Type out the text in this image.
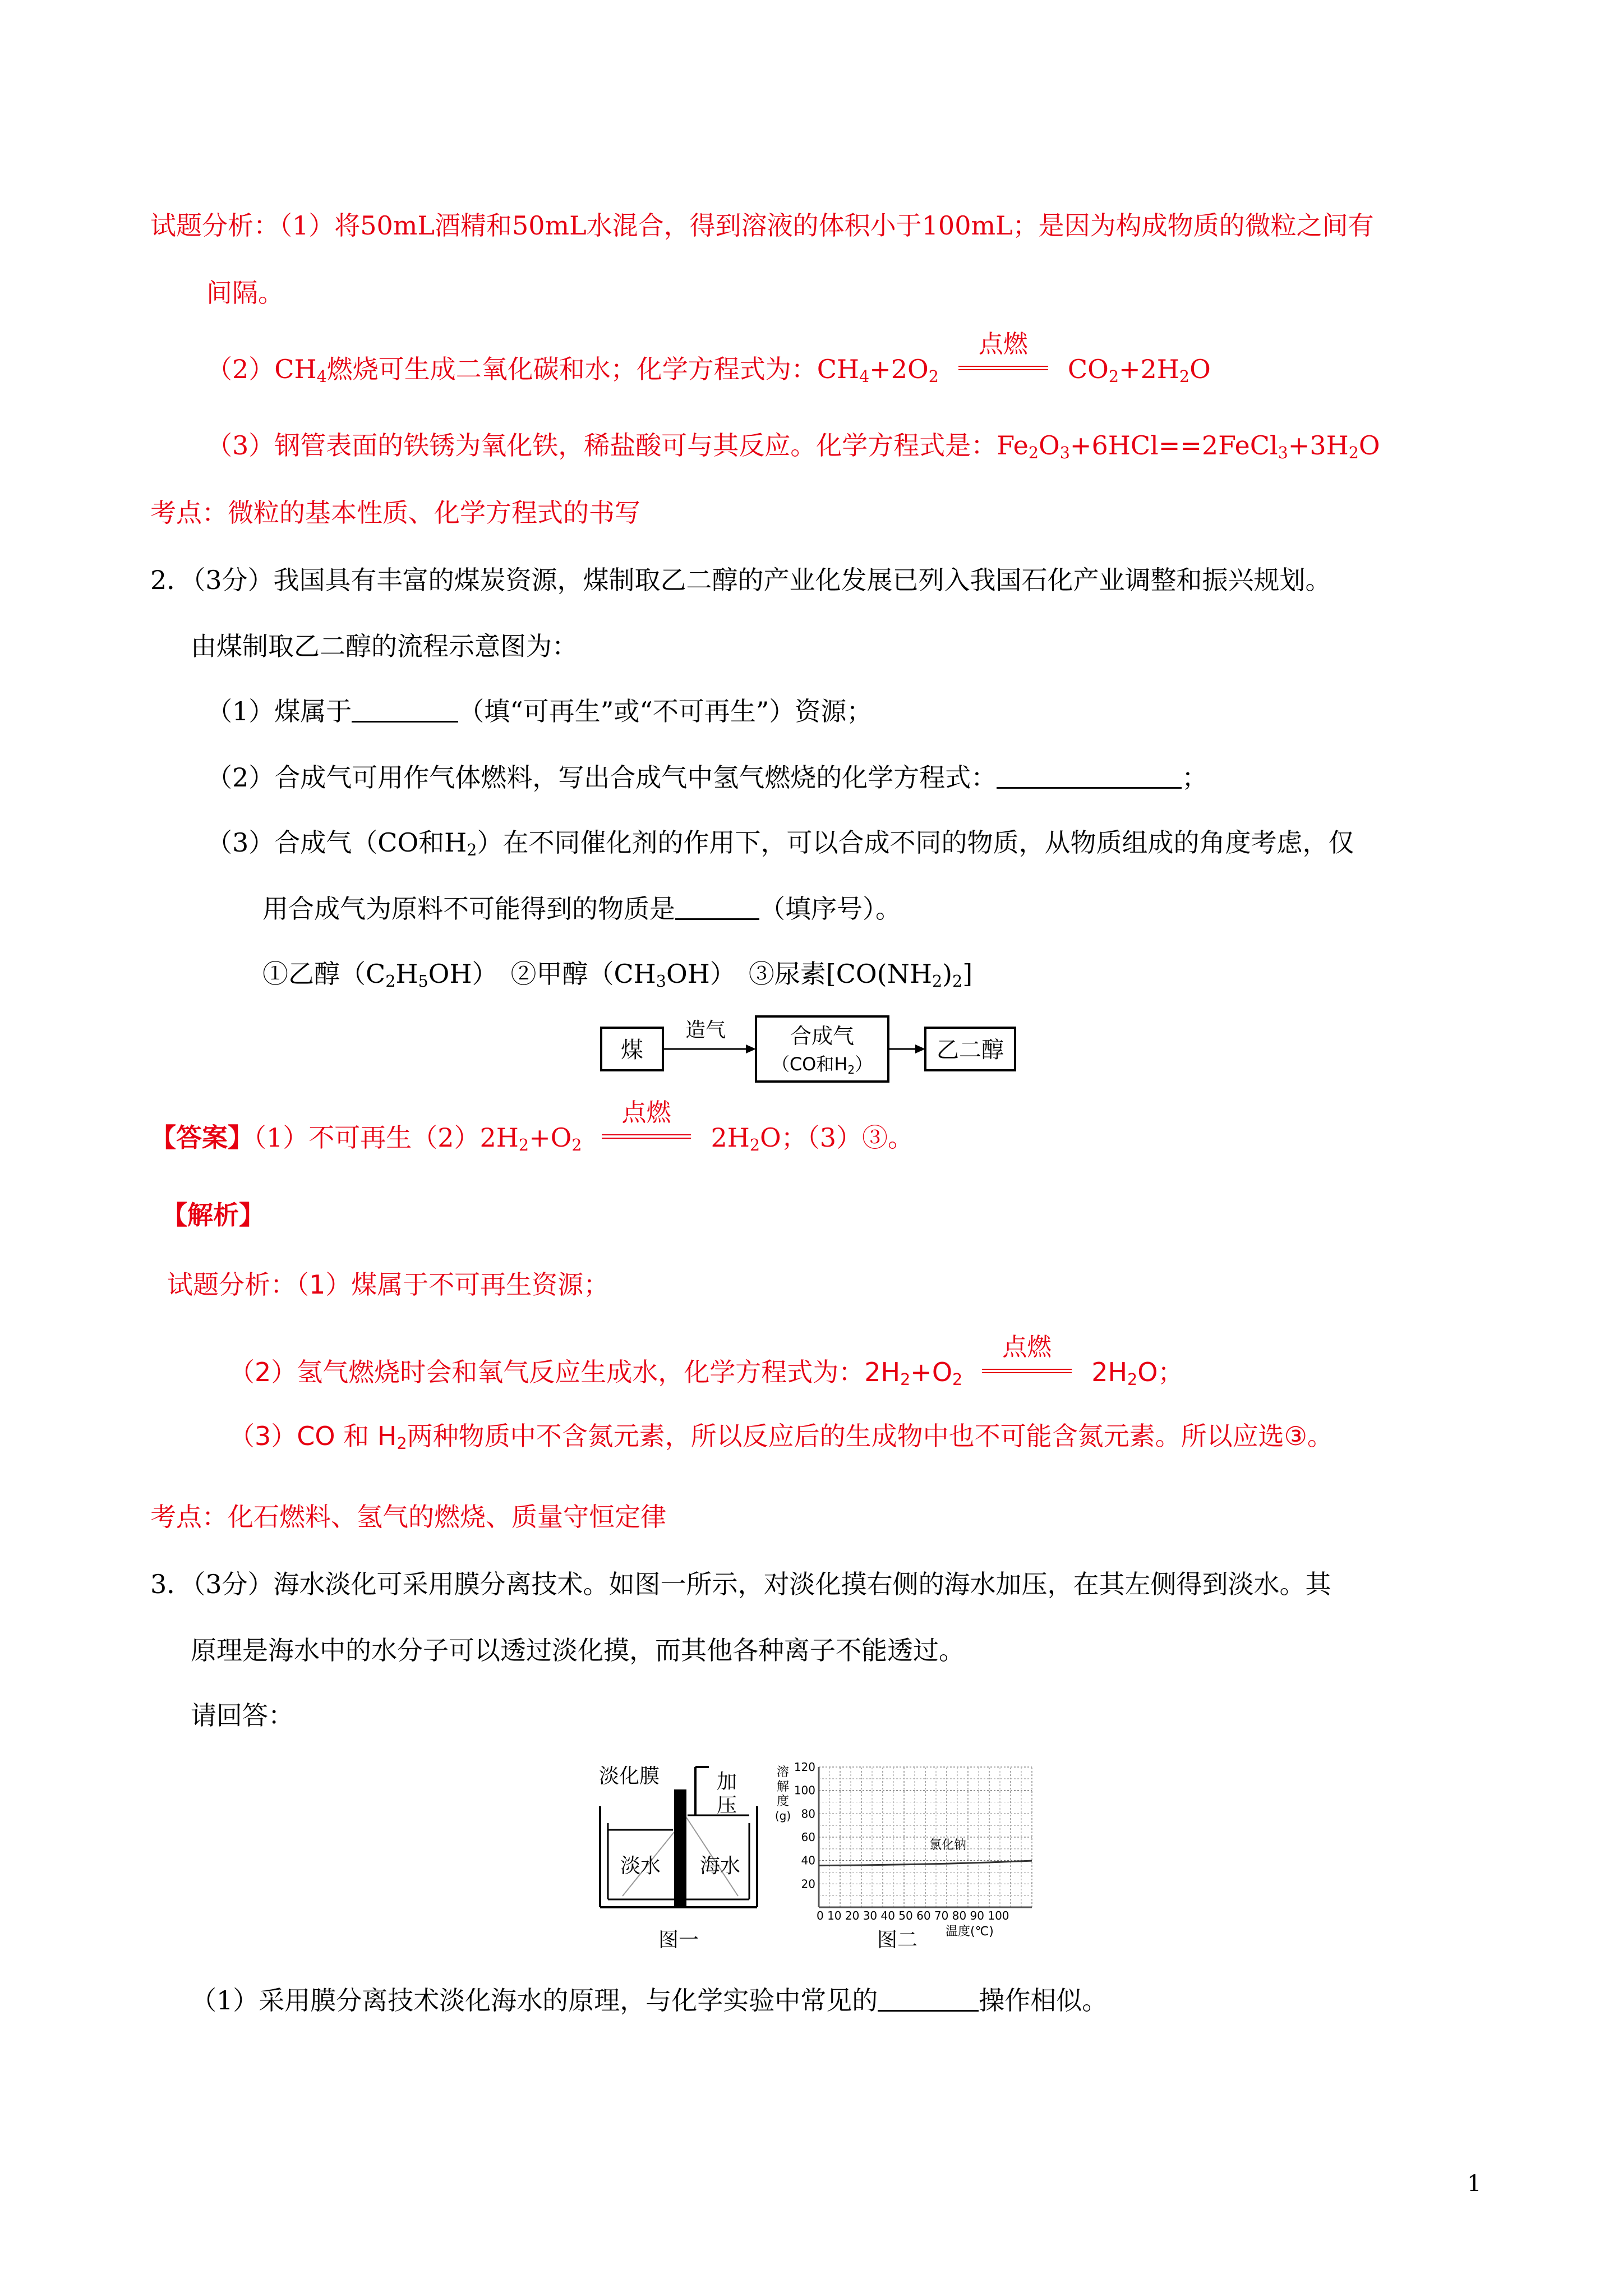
试题分析：（1）将50mL酒精和50mL水混合，得到溶液的体积小于100mL；是因为构成物质的微粒之间有
间隔。
$(2)CH_4$燃烧可生成二氧化碳和水；化学方程式为：$CH_4+2O_2$
点燃
$CO_2+2H_2O$
（3）钢管表面的铁锈为氧化铁，稀盐酸可与其反应。化学方程式是：$Fe_2O_3+6HCl==2FeCl_3+3H_2O$
考点：微粒的基本性质、化学方程式的书写
2．（3分）我国具有丰富的煤炭资源，煤制取乙二醇的产业化发展已列入我国石化产业调整和振兴规划。
由煤制取乙二醇的流程示意图为：
（1）煤属于	（填“可再生”或“不可再生”）资源；
（2）合成气可用作气体燃料，写出合成气中氢气燃烧的化学方程式：	；
（3）合成气（CO和$H_2$）在不同催化剂的作用下，可以合成不同的物质，从物质组成的角度考虑，仅
用合成气为原料不可能得到的物质是	（填序号）。
①乙醇$(C_2H_5OH)$　②甲醇$(CH_3OH)$　③尿素$[CO(NH_2)_2]$
煤
造气	合成气
（CO和H2）
乙二醇
【答案】（1）不可再生$(2)2H_2+O_2$
点燃
$2H_2O$；（3）③。
【解析】
试题分析：（1）煤属于不可再生资源；
（2）氢气燃烧时会和氧气反应生成水，化学方程式为：$2H_2+O_2$
点燃
$2H_2O$；
（3）CO 和 $H_2$两种物质中不含氮元素，所以反应后的生成物中也不可能含氮元素。所以应选③。
考点：化石燃料、氢气的燃烧、质量守恒定律
3．（3分）海水淡化可采用膜分离技术。如图一所示，对淡化摸右侧的海水加压，在其左侧得到淡水。其
原理是海水中的水分子可以透过淡化摸，而其他各种离子不能透过。
请回答：
淡化膜	加
压
淡水 海水
图一
120
100
80
60
40
20
溶
解
度
(g)
氯化钠
0 10 20 30 40 50 60 70 80 90 100
温度(℃)
图二
（1）采用膜分离技术淡化海水的原理，与化学实验中常见的	操作相似。
1
